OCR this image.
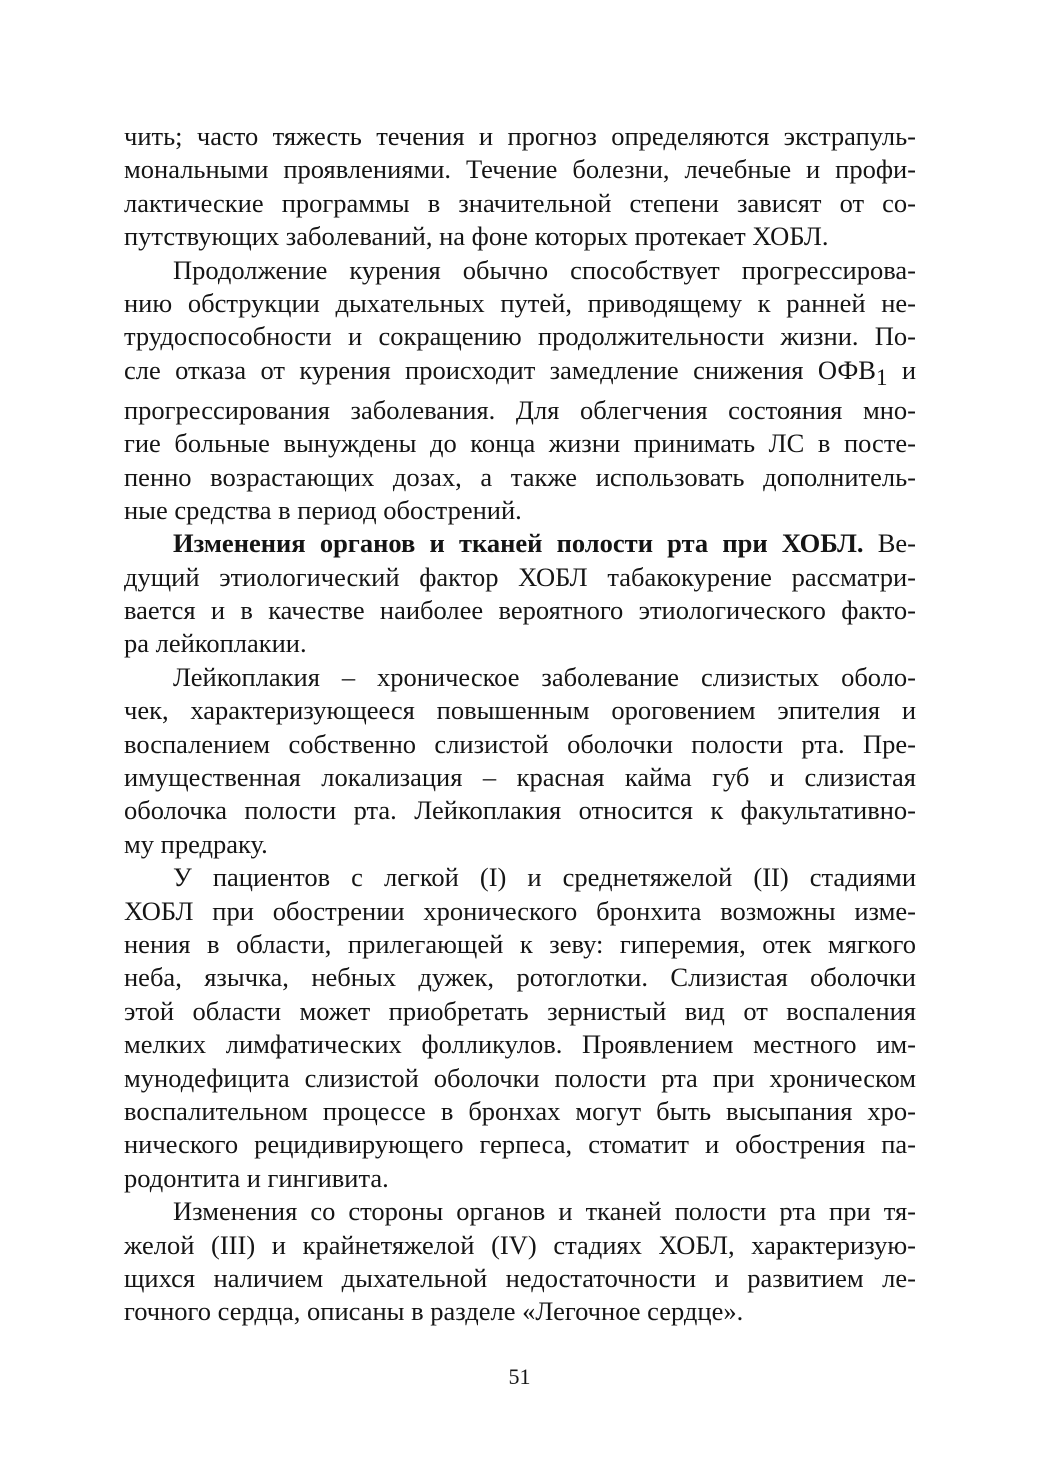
чить; часто тяжесть течения и прогноз определяются экстрапуль-
мональными проявлениями. Течение болезни, лечебные и профи-
лактические программы в значительной степени зависят от со-
путствующих заболеваний, на фоне которых протекает ХОБЛ.
Продолжение курения обычно способствует прогрессирова-
нию обструкции дыхательных путей, приводящему к ранней не-
трудоспособности и сокращению продолжительности жизни. По-
сле отказа от курения происходит замедление снижения ОФВ1 и
прогрессирования заболевания. Для облегчения состояния мно-
гие больные вынуждены до конца жизни принимать ЛС в посте-
пенно возрастающих дозах, а также использовать дополнитель-
ные средства в период обострений.
Изменения органов и тканей полости рта при ХОБЛ. Ве-
дущий этиологический фактор ХОБЛ табакокурение рассматри-
вается и в качестве наиболее вероятного этиологического факто-
ра лейкоплакии.
Лейкоплакия – хроническое заболевание слизистых оболо-
чек, характеризующееся повышенным ороговением эпителия и
воспалением собственно слизистой оболочки полости рта. Пре-
имущественная локализация – красная кайма губ и слизистая
оболочка полости рта. Лейкоплакия относится к факультативно-
му предраку.
У пациентов с легкой (I) и среднетяжелой (II) стадиями
ХОБЛ при обострении хронического бронхита возможны изме-
нения в области, прилегающей к зеву: гиперемия, отек мягкого
неба, язычка, небных дужек, ротоглотки. Слизистая оболочки
этой области может приобретать зернистый вид от воспаления
мелких лимфатических фолликулов. Проявлением местного им-
мунодефицита слизистой оболочки полости рта при хроническом
воспалительном процессе в бронхах могут быть высыпания хро-
нического рецидивирующего герпеса, стоматит и обострения па-
родонтита и гингивита.
Изменения со стороны органов и тканей полости рта при тя-
желой (III) и крайнетяжелой (IV) стадиях ХОБЛ, характеризую-
щихся наличием дыхательной недостаточности и развитием ле-
гочного сердца, описаны в разделе «Легочное сердце».
51
